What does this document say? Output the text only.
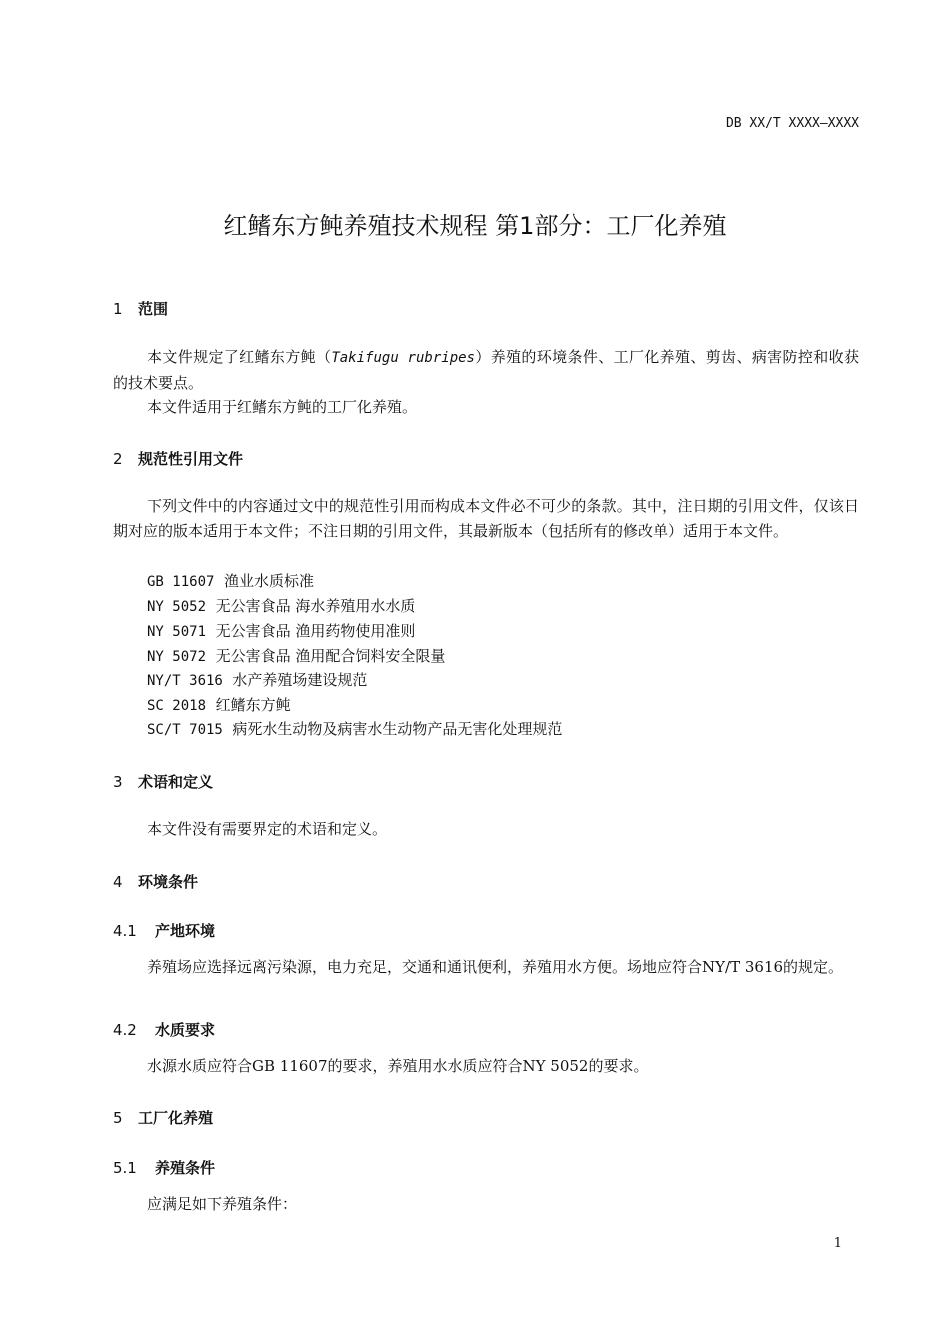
DB XX/T XXXX—XXXX
红鳍东方鲀养殖技术规程 第1部分：工厂化养殖
1 范围
本文件规定了红鳍东方鲀（Takifugu rubripes）养殖的环境条件、工厂化养殖、剪齿、病害防控和收获的技术要点。
本文件适用于红鳍东方鲀的工厂化养殖。
2 规范性引用文件
下列文件中的内容通过文中的规范性引用而构成本文件必不可少的条款。其中，注日期的引用文件，仅该日期对应的版本适用于本文件；不注日期的引用文件，其最新版本（包括所有的修改单）适用于本文件。
GB 11607 渔业水质标准
NY 5052 无公害食品 海水养殖用水水质
NY 5071 无公害食品 渔用药物使用准则
NY 5072 无公害食品 渔用配合饲料安全限量
NY/T 3616 水产养殖场建设规范
SC 2018 红鳍东方鲀
SC/T 7015 病死水生动物及病害水生动物产品无害化处理规范
3 术语和定义
本文件没有需要界定的术语和定义。
4 环境条件
4.1 产地环境
养殖场应选择远离污染源，电力充足，交通和通讯便利，养殖用水方便。场地应符合NY/T 3616的规定。
4.2 水质要求
水源水质应符合GB 11607的要求，养殖用水水质应符合NY 5052的要求。
5 工厂化养殖
5.1 养殖条件
应满足如下养殖条件：
1
